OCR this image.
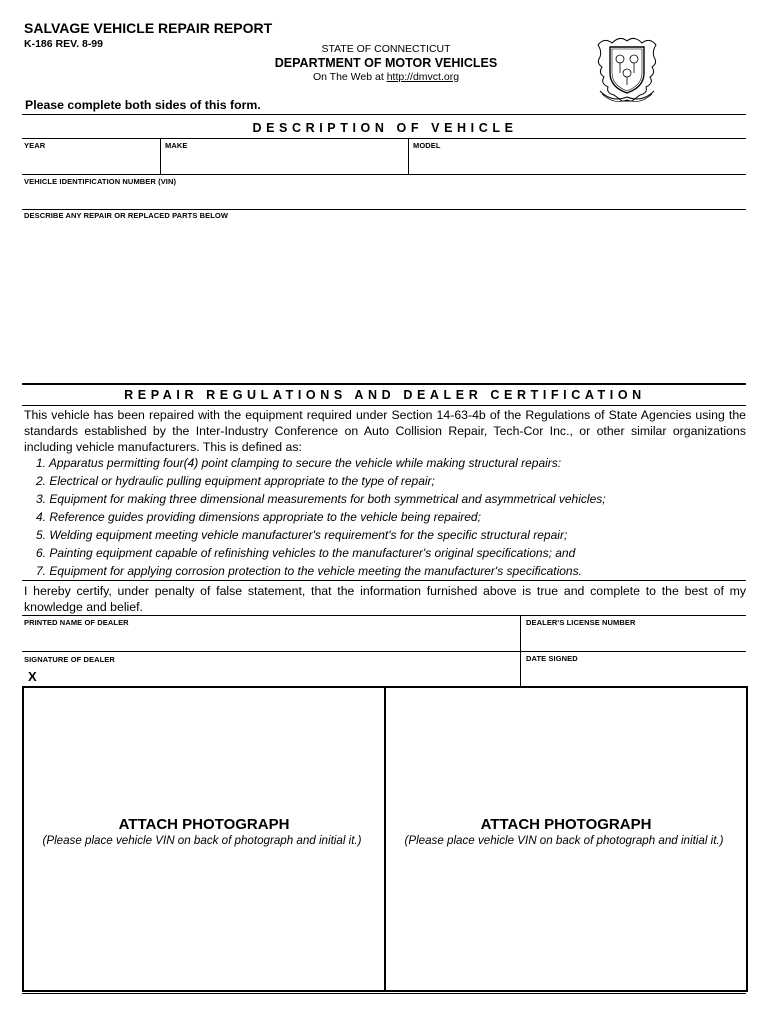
SALVAGE VEHICLE REPAIR REPORT
K-186 REV. 8-99	STATE OF CONNECTICUT
DEPARTMENT OF MOTOR VEHICLES
On The Web at http://dmvct.org
Please complete both sides of this form.
DESCRIPTION OF VEHICLE
YEAR	MAKE	MODEL
VEHICLE IDENTIFICATION NUMBER (VIN)
DESCRIBE ANY REPAIR OR REPLACED PARTS BELOW
REPAIR REGULATIONS AND DEALER CERTIFICATION
This vehicle has been repaired with the equipment required under Section 14-63-4b of the Regulations of State Agencies using the standards established by the Inter-Industry Conference on Auto Collision Repair, Tech-Cor Inc., or other similar organizations including vehicle manufacturers. This is defined as:
1. Apparatus permitting four(4) point clamping to secure the vehicle while making structural repairs:
2. Electrical or hydraulic pulling equipment appropriate to the type of repair;
3. Equipment for making three dimensional measurements for both symmetrical and asymmetrical vehicles;
4. Reference guides providing dimensions appropriate to the vehicle being repaired;
5. Welding equipment meeting vehicle manufacturer's requirement's for the specific structural repair;
6. Painting equipment capable of refinishing vehicles to the manufacturer's original specifications; and
7. Equipment for applying corrosion protection to the vehicle meeting the manufacturer's specifications.
I hereby certify, under penalty of false statement, that the information furnished above is true and complete to the best of my knowledge and belief.
PRINTED NAME OF DEALER	DEALER'S LICENSE NUMBER
SIGNATURE OF DEALER	DATE SIGNED
X
ATTACH PHOTOGRAPH
(Please place vehicle VIN on back of photograph and initial it.)
ATTACH PHOTOGRAPH
(Please place vehicle VIN on back of photograph and initial it.)
